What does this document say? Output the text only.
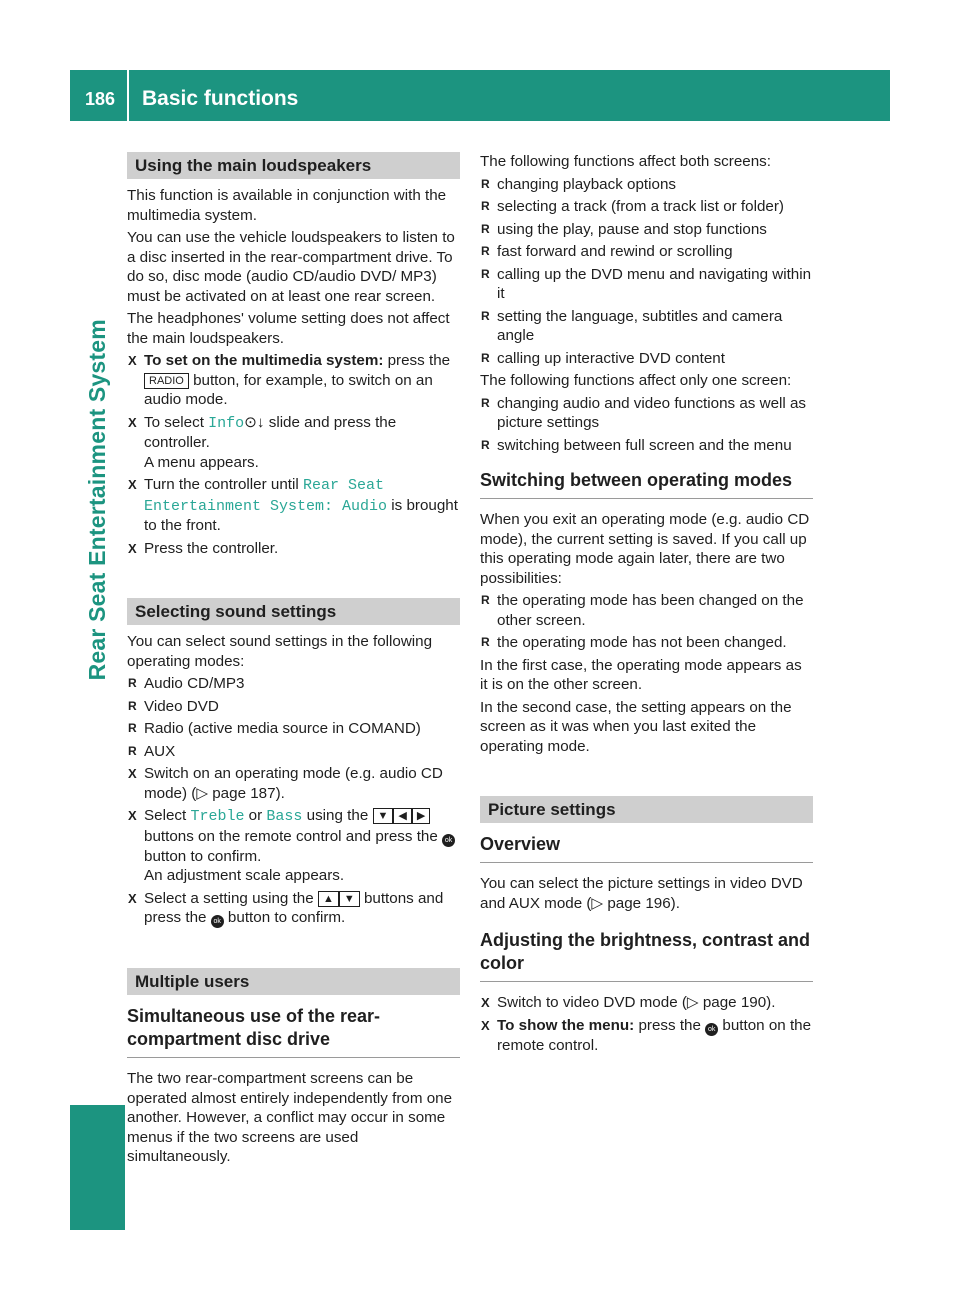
186 Basic functions
Rear Seat Entertainment System
Using the main loudspeakers

This function is available in conjunction with the multimedia system.

You can use the vehicle loudspeakers to listen to a disc inserted in the rear-compartment drive. To do so, disc mode (audio CD/audio DVD/ MP3) must be activated on at least one rear screen.

The headphones' volume setting does not affect the main loudspeakers.

X To set on the multimedia system: press the RADIO button, for example, to switch on an audio mode.
X To select Info⊙↓ slide and press the controller.
A menu appears.
X Turn the controller until Rear Seat Entertainment System: Audio is brought to the front.
X Press the controller.
Selecting sound settings

You can select sound settings in the following operating modes:

R Audio CD/MP3
R Video DVD
R Radio (active media source in COMAND)
R AUX
X Switch on an operating mode (e.g. audio CD mode) (▷ page 187).
X Select Treble or Bass using the ▼ ◀ ▶ buttons on the remote control and press the ok button to confirm.
An adjustment scale appears.
X Select a setting using the ▲ ▼ buttons and press the ok button to confirm.
Multiple users
Simultaneous use of the rear-compartment disc drive

The two rear-compartment screens can be operated almost entirely independently from one another. However, a conflict may occur in some menus if the two screens are used simultaneously.

The following functions affect both screens:

R changing playback options
R selecting a track (from a track list or folder)
R using the play, pause and stop functions
R fast forward and rewind or scrolling
R calling up the DVD menu and navigating within it
R setting the language, subtitles and camera angle
R calling up interactive DVD content

The following functions affect only one screen:

R changing audio and video functions as well as picture settings
R switching between full screen and the menu
Switching between operating modes

When you exit an operating mode (e.g. audio CD mode), the current setting is saved. If you call up this operating mode again later, there are two possibilities:

R the operating mode has been changed on the other screen.
R the operating mode has not been changed.

In the first case, the operating mode appears as it is on the other screen.

In the second case, the setting appears on the screen as it was when you last exited the operating mode.

Picture settings
Overview

You can select the picture settings in video DVD and AUX mode (▷ page 196).

Adjusting the brightness, contrast and color
X Switch to video DVD mode (▷ page 190).
X To show the menu: press the ok button on the remote control.
